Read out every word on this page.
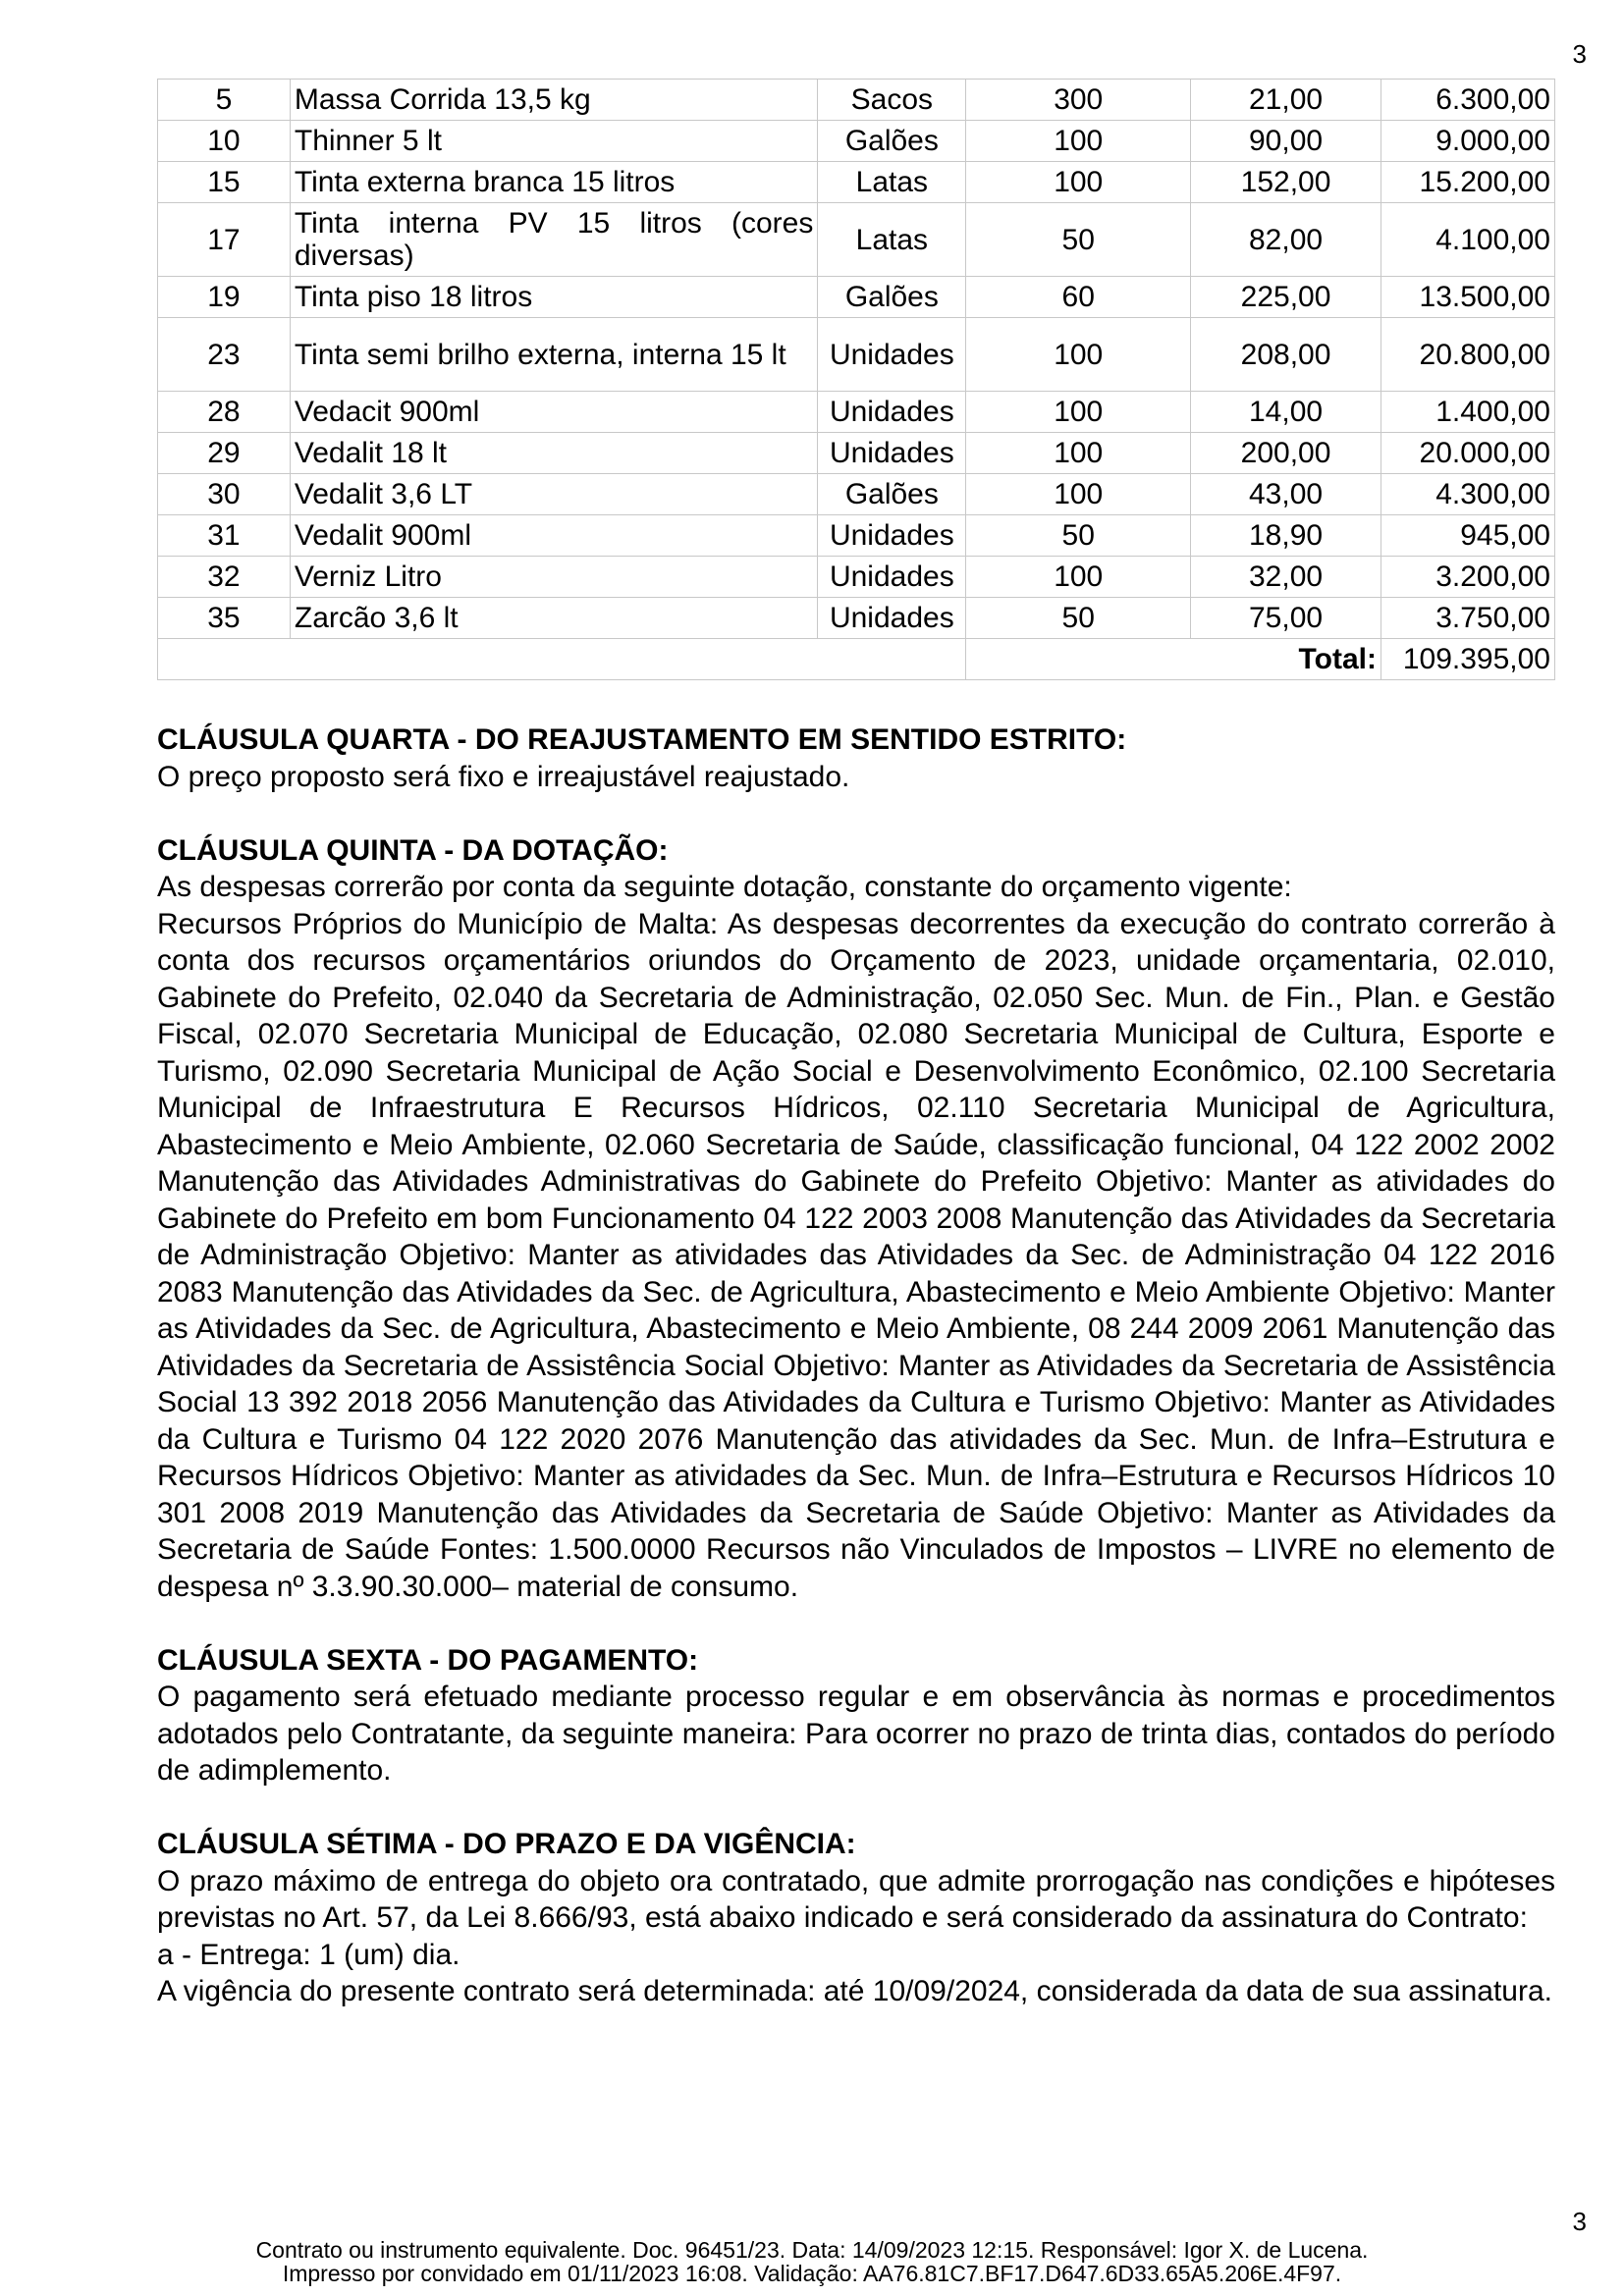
3
5	Massa Corrida 13,5 kg	Sacos	300	21,00	6.300,00
10	Thinner 5 lt	Galões	100	90,00	9.000,00
15	Tinta externa branca 15 litros	Latas	100	152,00	15.200,00
17	Tinta interna PV 15 litros (cores diversas)	Latas	50	82,00	4.100,00
19	Tinta piso 18 litros	Galões	60	225,00	13.500,00
23	Tinta semi brilho externa, interna 15 lt	Unidades	100	208,00	20.800,00
28	Vedacit 900ml	Unidades	100	14,00	1.400,00
29	Vedalit 18 lt	Unidades	100	200,00	20.000,00
30	Vedalit 3,6 LT	Galões	100	43,00	4.300,00
31	Vedalit 900ml	Unidades	50	18,90	945,00
32	Verniz Litro	Unidades	100	32,00	3.200,00
35	Zarcão 3,6 lt	Unidades	50	75,00	3.750,00
			Total:		109.395,00
CLÁUSULA QUARTA - DO REAJUSTAMENTO EM SENTIDO ESTRITO:

O preço proposto será fixo e irreajustável reajustado.

CLÁUSULA QUINTA - DA DOTAÇÃO:

As despesas correrão por conta da seguinte dotação, constante do orçamento vigente:

Recursos Próprios do Município de Malta: As despesas decorrentes da execução do contrato correrão à conta dos recursos orçamentários oriundos do Orçamento de 2023, unidade orçamentaria, 02.010, Gabinete do Prefeito, 02.040 da Secretaria de Administração, 02.050 Sec. Mun. de Fin., Plan. e Gestão Fiscal, 02.070 Secretaria Municipal de Educação, 02.080 Secretaria Municipal de Cultura, Esporte e Turismo, 02.090 Secretaria Municipal de Ação Social e Desenvolvimento Econômico, 02.100 Secretaria Municipal de Infraestrutura E Recursos Hídricos, 02.110 Secretaria Municipal de Agricultura, Abastecimento e Meio Ambiente, 02.060 Secretaria de Saúde, classificação funcional, 04 122 2002 2002 Manutenção das Atividades Administrativas do Gabinete do Prefeito Objetivo: Manter as atividades do Gabinete do Prefeito em bom Funcionamento 04 122 2003 2008 Manutenção das Atividades da Secretaria de Administração Objetivo: Manter as atividades das Atividades da Sec. de Administração 04 122 2016 2083 Manutenção das Atividades da Sec. de Agricultura, Abastecimento e Meio Ambiente Objetivo: Manter as Atividades da Sec. de Agricultura, Abastecimento e Meio Ambiente, 08 244 2009 2061 Manutenção das Atividades da Secretaria de Assistência Social Objetivo: Manter as Atividades da Secretaria de Assistência Social 13 392 2018 2056 Manutenção das Atividades da Cultura e Turismo Objetivo: Manter as Atividades da Cultura e Turismo 04 122 2020 2076 Manutenção das atividades da Sec. Mun. de Infra–Estrutura e Recursos Hídricos Objetivo: Manter as atividades da Sec. Mun. de Infra–Estrutura e Recursos Hídricos 10 301 2008 2019 Manutenção das Atividades da Secretaria de Saúde Objetivo: Manter as Atividades da Secretaria de Saúde Fontes: 1.500.0000 Recursos não Vinculados de Impostos – LIVRE no elemento de despesa nº 3.3.90.30.000– material de consumo.

CLÁUSULA SEXTA - DO PAGAMENTO:

O pagamento será efetuado mediante processo regular e em observância às normas e procedimentos adotados pelo Contratante, da seguinte maneira: Para ocorrer no prazo de trinta dias, contados do período de adimplemento.

CLÁUSULA SÉTIMA - DO PRAZO E DA VIGÊNCIA:

O prazo máximo de entrega do objeto ora contratado, que admite prorrogação nas condições e hipóteses previstas no Art. 57, da Lei 8.666/93, está abaixo indicado e será considerado da assinatura do Contrato:

a - Entrega: 1 (um) dia.

A vigência do presente contrato será determinada: até 10/09/2024, considerada da data de sua assinatura.

3
Contrato ou instrumento equivalente. Doc. 96451/23. Data: 14/09/2023 12:15. Responsável: Igor X. de Lucena.
Impresso por convidado em 01/11/2023 16:08. Validação: AA76.81C7.BF17.D647.6D33.65A5.206E.4F97.
